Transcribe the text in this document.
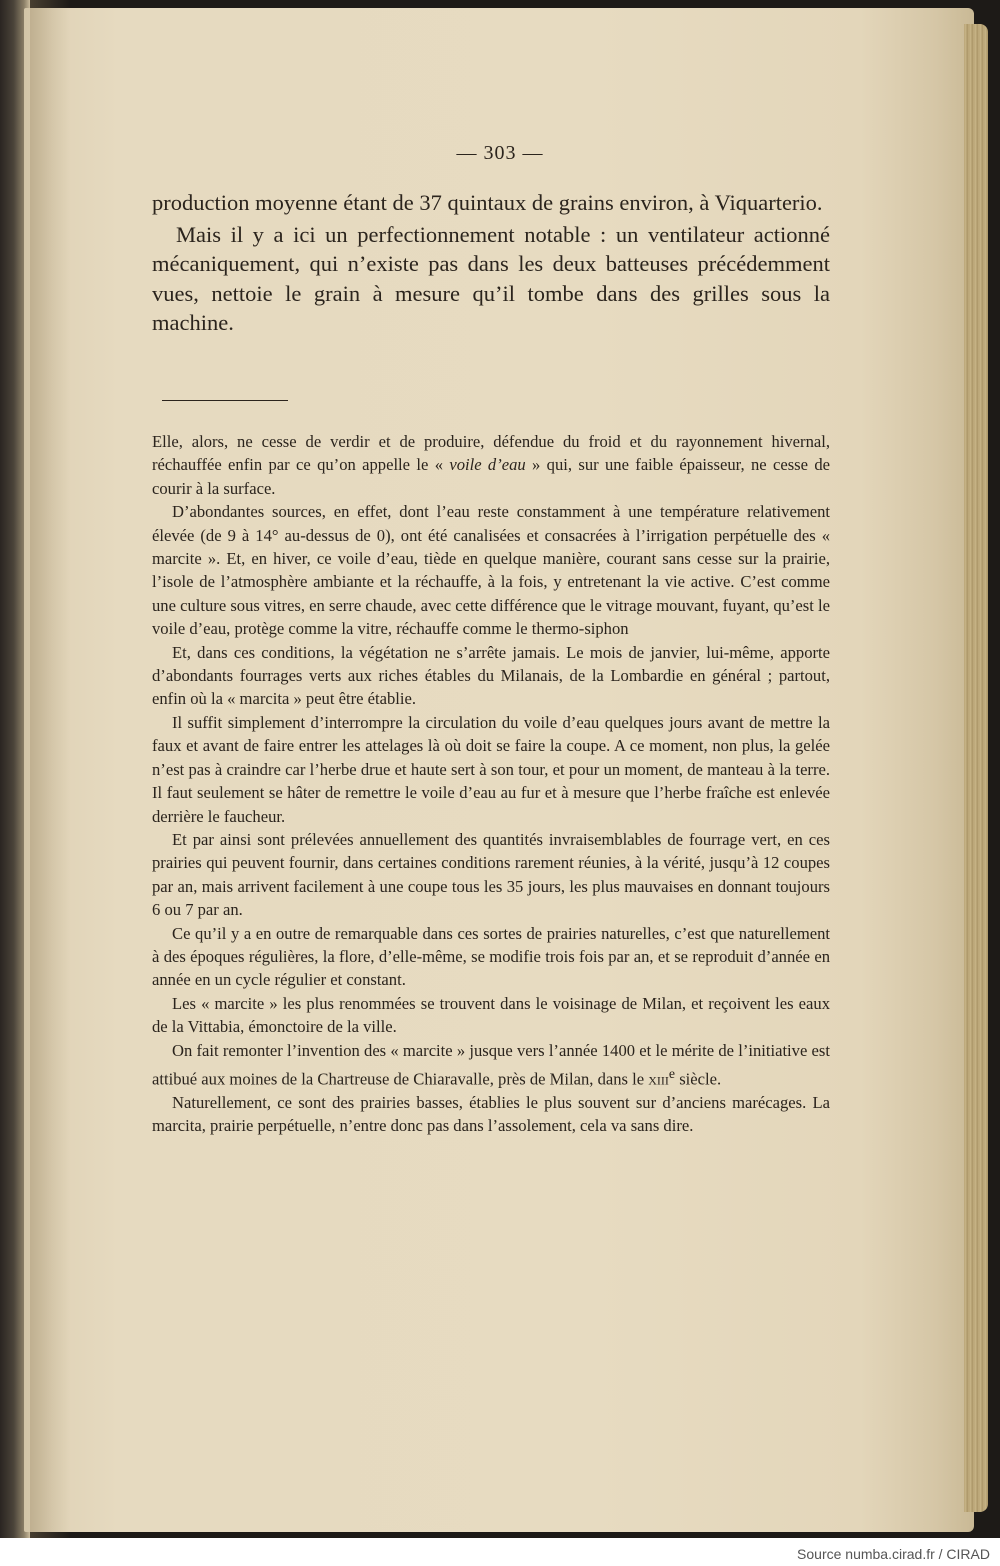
— 303 —

production moyenne étant de 37 quintaux de grains environ, à Viquarterio.

Mais il y a ici un perfectionnement notable : un ventilateur actionné mécaniquement, qui n’existe pas dans les deux batteuses précédemment vues, nettoie le grain à mesure qu’il tombe dans des grilles sous la machine.

Elle, alors, ne cesse de verdir et de produire, défendue du froid et du rayonnement hivernal, réchauffée enfin par ce qu’on appelle le « voile d’eau » qui, sur une faible épaisseur, ne cesse de courir à la surface.

D’abondantes sources, en effet, dont l’eau reste constamment à une température relativement élevée (de 9 à 14° au-dessus de 0), ont été canalisées et consacrées à l’irrigation perpétuelle des « marcite ». Et, en hiver, ce voile d’eau, tiède en quelque manière, courant sans cesse sur la prairie, l’isole de l’atmosphère ambiante et la réchauffe, à la fois, y entretenant la vie active. C’est comme une culture sous vitres, en serre chaude, avec cette différence que le vitrage mouvant, fuyant, qu’est le voile d’eau, protège comme la vitre, réchauffe comme le thermo-siphon

Et, dans ces conditions, la végétation ne s’arrête jamais. Le mois de janvier, lui-même, apporte d’abondants fourrages verts aux riches étables du Milanais, de la Lombardie en général ; partout, enfin où la « marcita » peut être établie.

Il suffit simplement d’interrompre la circulation du voile d’eau quelques jours avant de mettre la faux et avant de faire entrer les attelages là où doit se faire la coupe. A ce moment, non plus, la gelée n’est pas à craindre car l’herbe drue et haute sert à son tour, et pour un moment, de manteau à la terre. Il faut seulement se hâter de remettre le voile d’eau au fur et à mesure que l’herbe fraîche est enlevée derrière le faucheur.

Et par ainsi sont prélevées annuellement des quantités invraisemblables de fourrage vert, en ces prairies qui peuvent fournir, dans certaines conditions rarement réunies, à la vérité, jusqu’à 12 coupes par an, mais arrivent facilement à une coupe tous les 35 jours, les plus mauvaises en donnant toujours 6 ou 7 par an.

Ce qu’il y a en outre de remarquable dans ces sortes de prairies naturelles, c’est que naturellement à des époques régulières, la flore, d’elle-même, se modifie trois fois par an, et se reproduit d’année en année en un cycle régulier et constant.

Les « marcite » les plus renommées se trouvent dans le voisinage de Milan, et reçoivent les eaux de la Vittabia, émonctoire de la ville.

On fait remonter l’invention des « marcite » jusque vers l’année 1400 et le mérite de l’initiative est attibué aux moines de la Chartreuse de Chiaravalle, près de Milan, dans le xiii$^e$ siècle.

Naturellement, ce sont des prairies basses, établies le plus souvent sur d’anciens marécages. La marcita, prairie perpétuelle, n’entre donc pas dans l’assolement, cela va sans dire.

Source numba.cirad.fr / CIRAD
